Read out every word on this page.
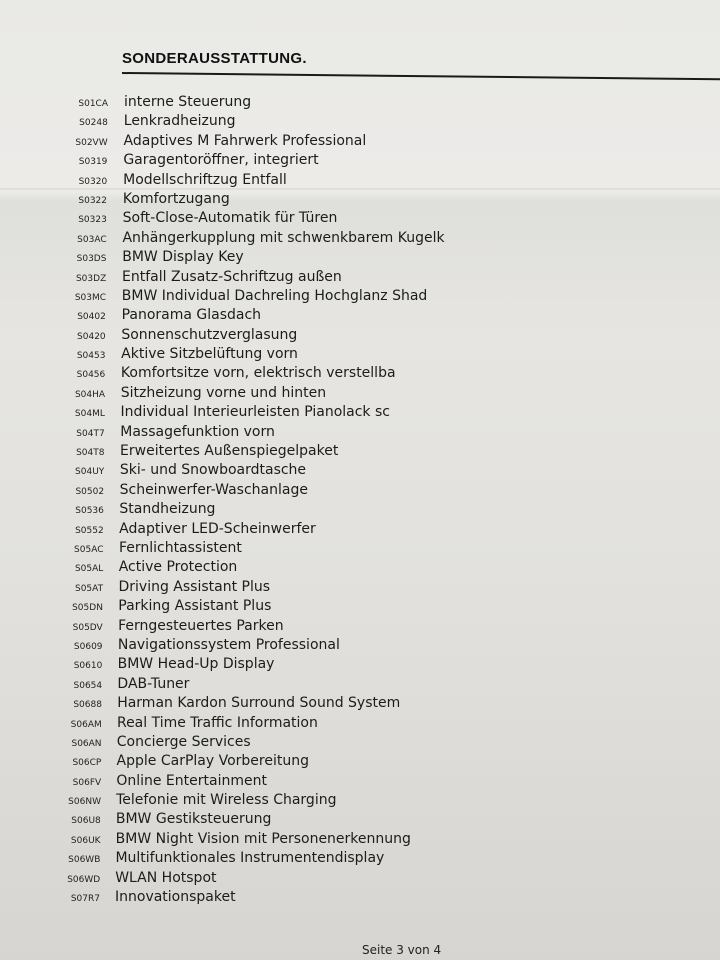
SONDERAUSSTATTUNG.
S01CA interne Steuerung
S0248 Lenkradheizung
S02VW Adaptives M Fahrwerk Professional
S0319 Garagentoröffner, integriert
S0320 Modellschriftzug Entfall
S0322 Komfortzugang
S0323 Soft-Close-Automatik für Türen
S03AC Anhängerkupplung mit schwenkbarem Kugelk
S03DS BMW Display Key
S03DZ Entfall Zusatz-Schriftzug außen
S03MC BMW Individual Dachreling Hochglanz Shad
S0402 Panorama Glasdach
S0420 Sonnenschutzverglasung
S0453 Aktive Sitzbelüftung vorn
S0456 Komfortsitze vorn, elektrisch verstellba
S04HA Sitzheizung vorne und hinten
S04ML Individual Interieurleisten Pianolack sc
S04T7 Massagefunktion vorn
S04T8 Erweitertes Außenspiegelpaket
S04UY Ski- und Snowboardtasche
S0502 Scheinwerfer-Waschanlage
S0536 Standheizung
S0552 Adaptiver LED-Scheinwerfer
S05AC Fernlichtassistent
S05AL Active Protection
S05AT Driving Assistant Plus
S05DN Parking Assistant Plus
S05DV Ferngesteuertes Parken
S0609 Navigationssystem Professional
S0610 BMW Head-Up Display
S0654 DAB-Tuner
S0688 Harman Kardon Surround Sound System
S06AM Real Time Traffic Information
S06AN Concierge Services
S06CP Apple CarPlay Vorbereitung
S06FV Online Entertainment
S06NW Telefonie mit Wireless Charging
S06U8 BMW Gestiksteuerung
S06UK BMW Night Vision mit Personenerkennung
S06WB Multifunktionales Instrumentendisplay
S06WD WLAN Hotspot
S07R7 Innovationspaket
Seite 3 von 4
